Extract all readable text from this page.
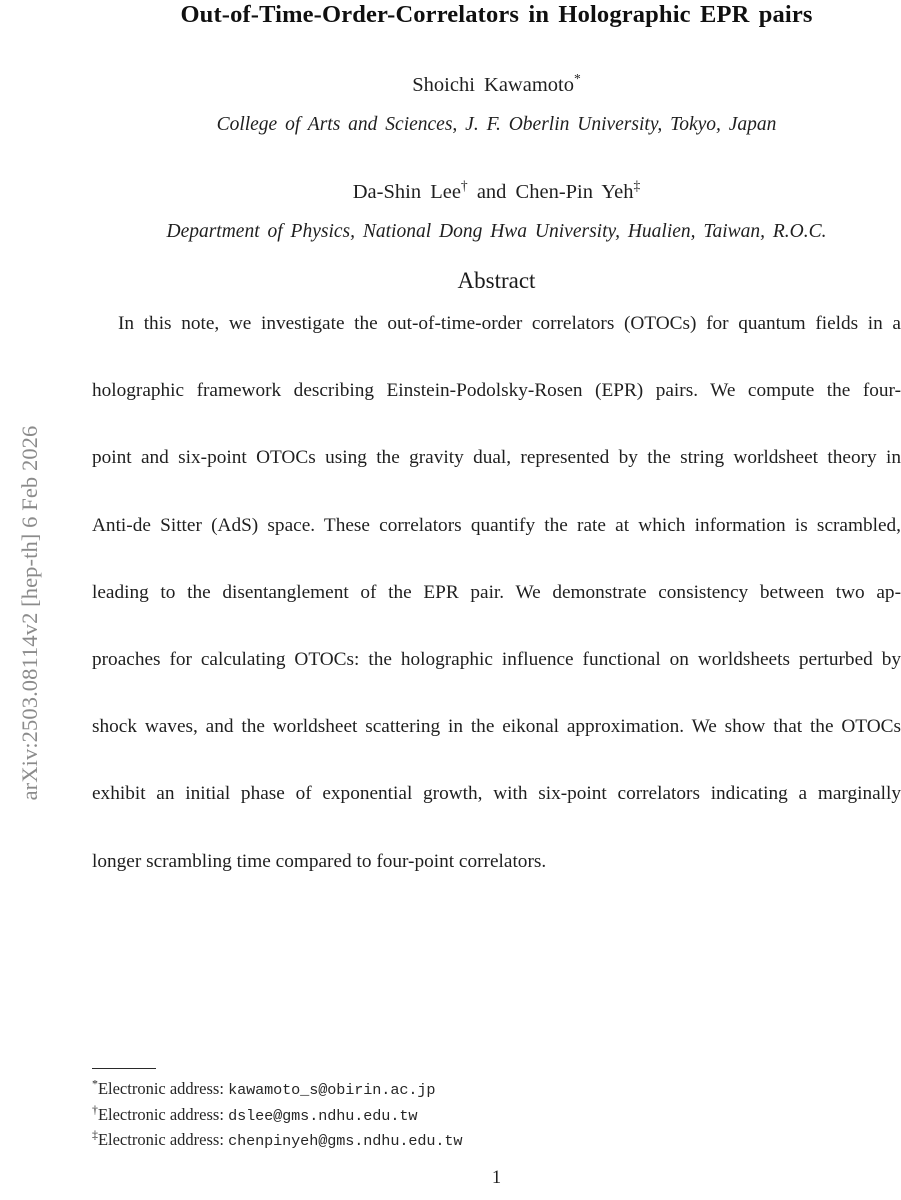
arXiv:2503.08114v2 [hep-th] 6 Feb 2026
Out-of-Time-Order-Correlators in Holographic EPR pairs
Shoichi Kawamoto*
College of Arts and Sciences, J. F. Oberlin University, Tokyo, Japan
Da-Shin Lee† and Chen-Pin Yeh‡
Department of Physics, National Dong Hwa University, Hualien, Taiwan, R.O.C.
Abstract
In this note, we investigate the out-of-time-order correlators (OTOCs) for quantum fields in a
holographic framework describing Einstein-Podolsky-Rosen (EPR) pairs. We compute the four-
point and six-point OTOCs using the gravity dual, represented by the string worldsheet theory in
Anti-de Sitter (AdS) space. These correlators quantify the rate at which information is scrambled,
leading to the disentanglement of the EPR pair. We demonstrate consistency between two ap-
proaches for calculating OTOCs: the holographic influence functional on worldsheets perturbed by
shock waves, and the worldsheet scattering in the eikonal approximation. We show that the OTOCs
exhibit an initial phase of exponential growth, with six-point correlators indicating a marginally
longer scrambling time compared to four-point correlators.
*Electronic address: kawamoto_s@obirin.ac.jp
†Electronic address: dslee@gms.ndhu.edu.tw
‡Electronic address: chenpinyeh@gms.ndhu.edu.tw
1
